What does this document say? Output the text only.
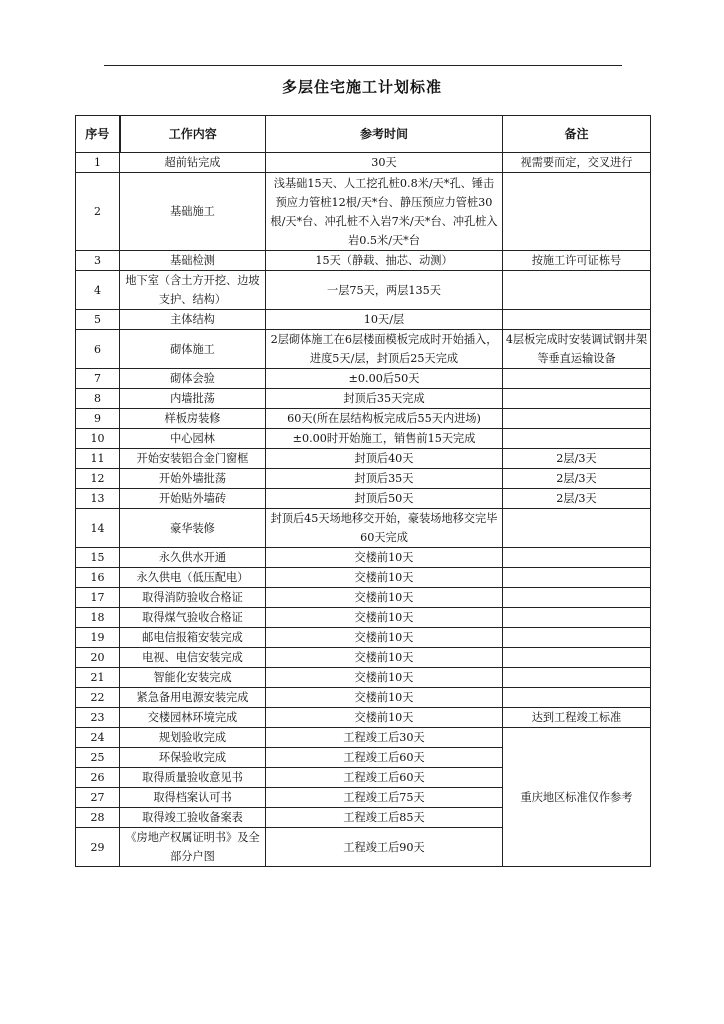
多层住宅施工计划标准
序号	工作内容	参考时间	备注
1	超前钻完成	30天	视需要而定，交叉进行
2	基础施工	浅基础15天、人工挖孔桩0.8米/天*孔、锤击预应力管桩12根/天*台、静压预应力管桩30根/天*台、冲孔桩不入岩7米/天*台、冲孔桩入岩0.5米/天*台	
3	基础检测	15天（静载、抽芯、动测）	按施工许可证栋号
4	地下室（含土方开挖、边坡支护、结构）	一层75天，两层135天	
5	主体结构	10天/层	
6	砌体施工	2层砌体施工在6层楼面模板完成时开始插入，进度5天/层，封顶后25天完成	4层板完成时安装调试钢井架等垂直运输设备
7	砌体会验	±0.00后50天	
8	内墙批荡	封顶后35天完成	
9	样板房装修	60天(所在层结构板完成后55天内进场)	
10	中心园林	±0.00时开始施工，销售前15天完成	
11	开始安装铝合金门窗框	封顶后40天	2层/3天
12	开始外墙批荡	封顶后35天	2层/3天
13	开始贴外墙砖	封顶后50天	2层/3天
14	豪华装修	封顶后45天场地移交开始，豪装场地移交完毕60天完成	
15	永久供水开通	交楼前10天	
16	永久供电（低压配电）	交楼前10天	
17	取得消防验收合格证	交楼前10天	
18	取得煤气验收合格证	交楼前10天	
19	邮电信报箱安装完成	交楼前10天	
20	电视、电信安装完成	交楼前10天	
21	智能化安装完成	交楼前10天	
22	紧急备用电源安装完成	交楼前10天	
23	交楼园林环境完成	交楼前10天	达到工程竣工标准
24	规划验收完成	工程竣工后30天	重庆地区标准仅作参考
25	环保验收完成	工程竣工后60天	
26	取得质量验收意见书	工程竣工后60天	
27	取得档案认可书	工程竣工后75天	
28	取得竣工验收备案表	工程竣工后85天	
29	《房地产权属证明书》及全部分户图	工程竣工后90天	
